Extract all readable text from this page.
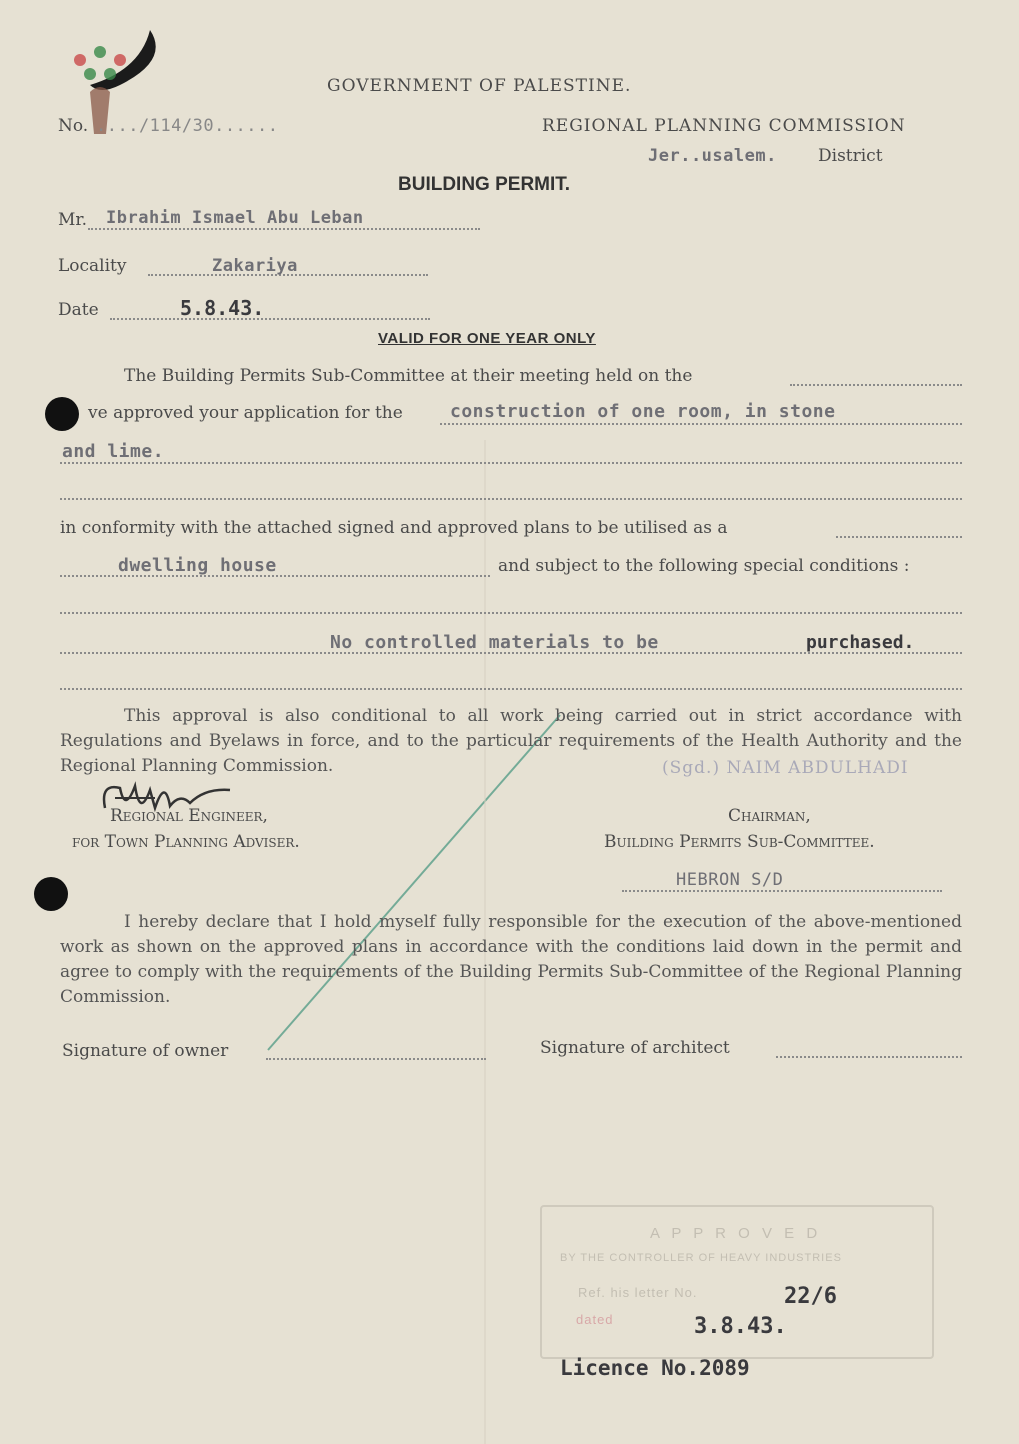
GOVERNMENT OF PALESTINE.
No. ..../114/30......	REGIONAL PLANNING COMMISSION
Jer..usalem. District
BUILDING PERMIT.
Mr. Ibrahim Ismael Abu Leban
Locality	Zakariya
Date	5.8.43.
VALID FOR ONE YEAR ONLY
The Building Permits Sub-Committee at their meeting held on the
ve approved your application for the	construction of one room, in stone
and lime.
in conformity with the attached signed and approved plans to be utilised as a
dwelling house	and subject to the following special conditions :
No controlled materials to be	purchased.
This approval is also conditional to all work being carried out in strict accordance with Regulations and Byelaws in force, and to the particular requirements of the Health Authority and the Regional Planning Commission.	(Sgd.) NAIM ABDULHADI
Regional Engineer,
for Town Planning Adviser.
Chairman,
Building Permits Sub-Committee.
HEBRON S/D
I hereby declare that I hold myself fully responsible for the execution of the above-mentioned work as shown on the approved plans in accordance with the conditions laid down in the permit and agree to comply with the requirements of the Building Permits Sub-Committee of the Regional Planning Commission.
Signature of owner	Signature of architect
A P P R O V E D
BY THE CONTROLLER OF HEAVY INDUSTRIES
Ref. his letter No.	22/6
dated	3.8.43.
Licence No.2089
